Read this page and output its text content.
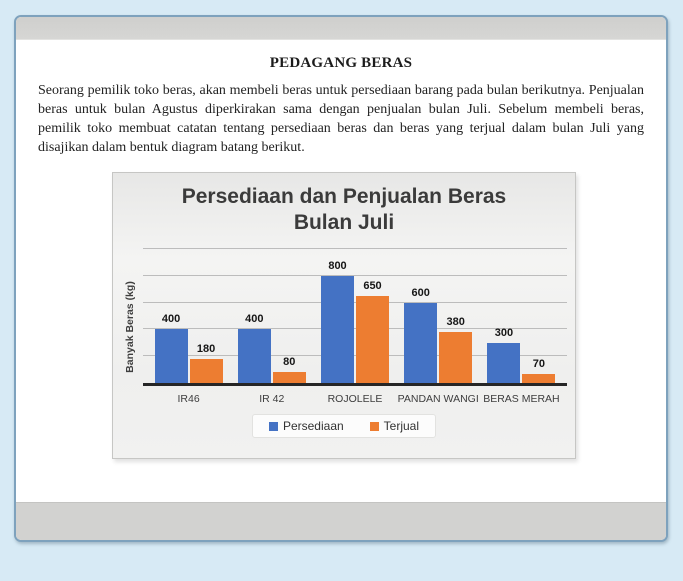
PEDAGANG BERAS

Seorang pemilik toko beras, akan membeli beras untuk persediaan barang pada bulan berikutnya. Penjualan beras untuk bulan Agustus diperkirakan sama dengan penjualan bulan Juli. Sebelum membeli beras, pemilik toko membuat catatan tentang persediaan beras dan beras yang terjual dalam bulan Juli yang disajikan dalam bentuk diagram batang berikut.

Persediaan dan Penjualan Beras
Bulan Juli
Banyak Beras (kg) 400
180
400
80
800
650
600
380
300
70
IR46	IR 42	ROJOLELE	PANDAN WANGI BERAS MERAH
Persediaan	Terjual
